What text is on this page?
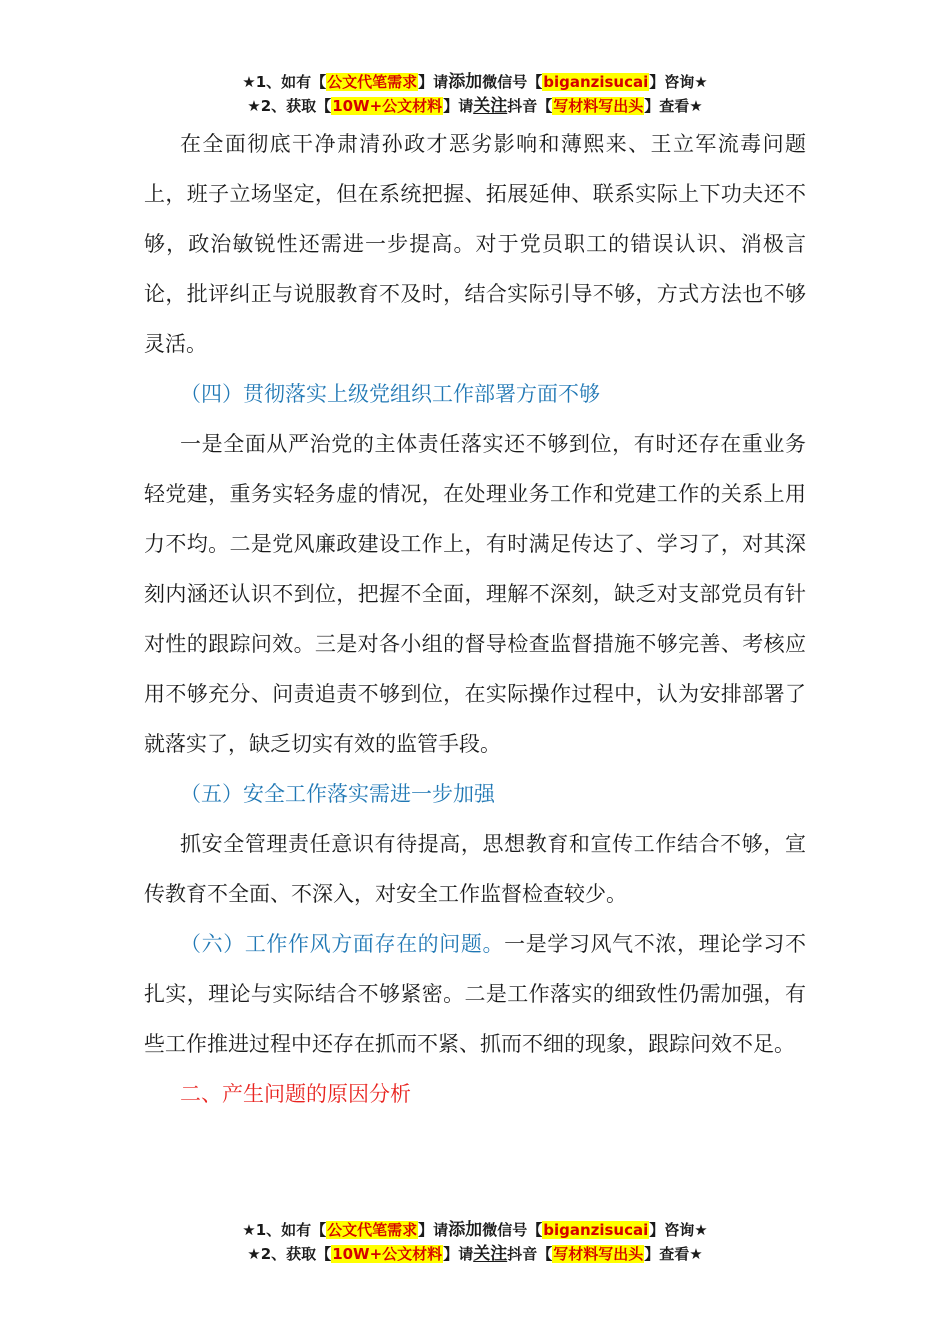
★1、如有【公文代笔需求】请添加微信号【biganzisucai】咨询★
★2、获取【10W+公文材料】请关注抖音【写材料写出头】查看★

在全面彻底干净肃清孙政才恶劣影响和薄熙来、王立军流毒问题上，班子立场坚定，但在系统把握、拓展延伸、联系实际上下功夫还不够，政治敏锐性还需进一步提高。对于党员职工的错误认识、消极言论，批评纠正与说服教育不及时，结合实际引导不够，方式方法也不够灵活。

（四）贯彻落实上级党组织工作部署方面不够

一是全面从严治党的主体责任落实还不够到位，有时还存在重业务轻党建，重务实轻务虚的情况，在处理业务工作和党建工作的关系上用力不均。二是党风廉政建设工作上，有时满足传达了、学习了，对其深刻内涵还认识不到位，把握不全面，理解不深刻，缺乏对支部党员有针对性的跟踪问效。三是对各小组的督导检查监督措施不够完善、考核应用不够充分、问责追责不够到位，在实际操作过程中，认为安排部署了就落实了，缺乏切实有效的监管手段。

（五）安全工作落实需进一步加强

抓安全管理责任意识有待提高，思想教育和宣传工作结合不够，宣传教育不全面、不深入，对安全工作监督检查较少。

（六）工作作风方面存在的问题。一是学习风气不浓，理论学习不扎实，理论与实际结合不够紧密。二是工作落实的细致性仍需加强，有些工作推进过程中还存在抓而不紧、抓而不细的现象，跟踪问效不足。

二、产生问题的原因分析

★1、如有【公文代笔需求】请添加微信号【biganzisucai】咨询★
★2、获取【10W+公文材料】请关注抖音【写材料写出头】查看★
